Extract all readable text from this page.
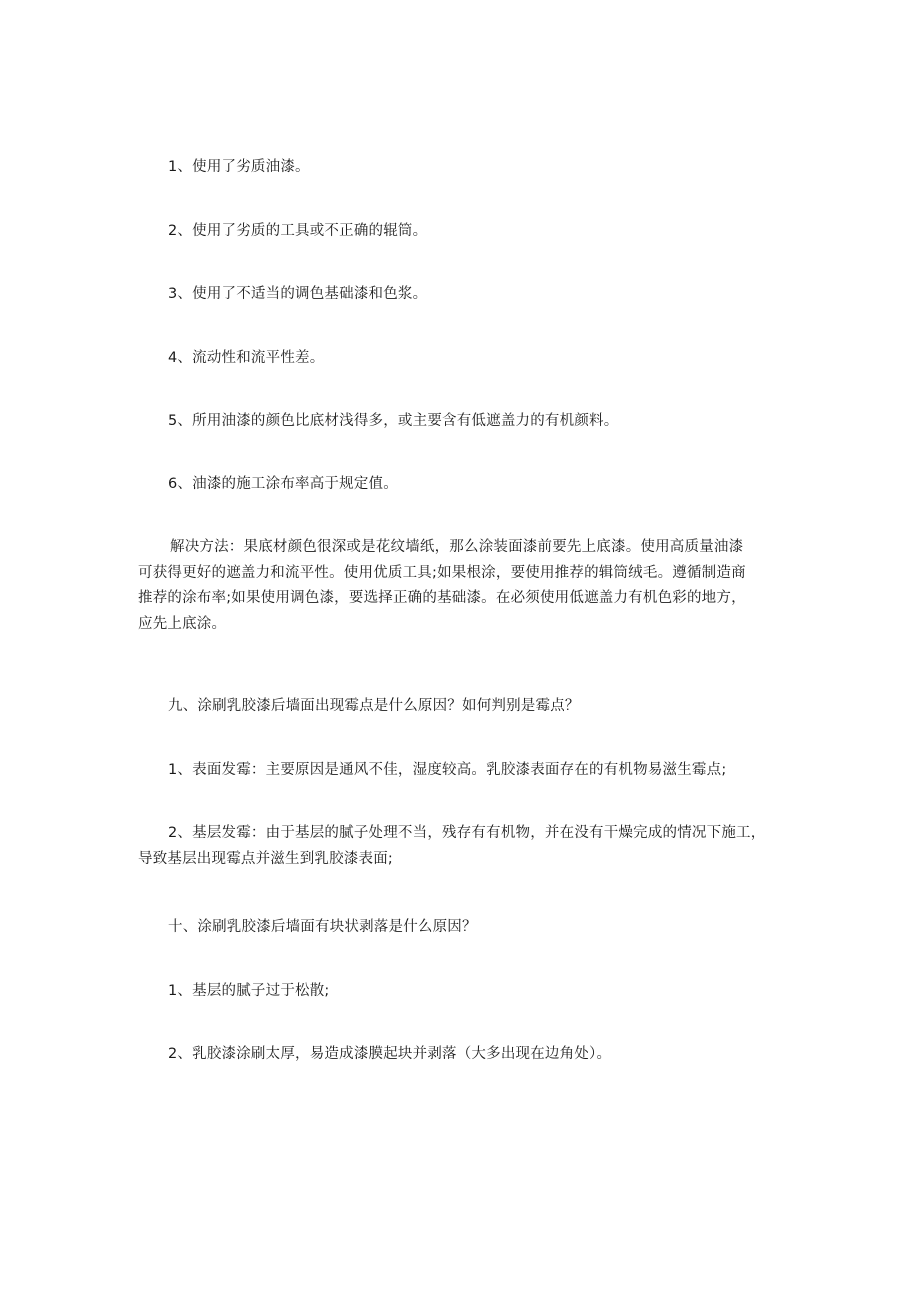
1、使用了劣质油漆。
2、使用了劣质的工具或不正确的辊筒。
3、使用了不适当的调色基础漆和色浆。
4、流动性和流平性差。
5、所用油漆的颜色比底材浅得多，或主要含有低遮盖力的有机颜料。
6、油漆的施工涂布率高于规定值。
解决方法：果底材颜色很深或是花纹墙纸，那么涂装面漆前要先上底漆。使用高质量油漆
可获得更好的遮盖力和流平性。使用优质工具;如果根涂，要使用推荐的辑筒绒毛。遵循制造商
推荐的涂布率;如果使用调色漆，要选择正确的基础漆。在必须使用低遮盖力有机色彩的地方，
应先上底涂。
九、涂刷乳胶漆后墙面出现霉点是什么原因？如何判别是霉点？
1、表面发霉：主要原因是通风不佳，湿度较高。乳胶漆表面存在的有机物易滋生霉点;
2、基层发霉：由于基层的腻子处理不当，残存有有机物，并在没有干燥完成的情况下施工，
导致基层出现霉点并滋生到乳胶漆表面;
十、涂刷乳胶漆后墙面有块状剥落是什么原因？
1、基层的腻子过于松散;
2、乳胶漆涂刷太厚，易造成漆膜起块并剥落（大多出现在边角处）。
